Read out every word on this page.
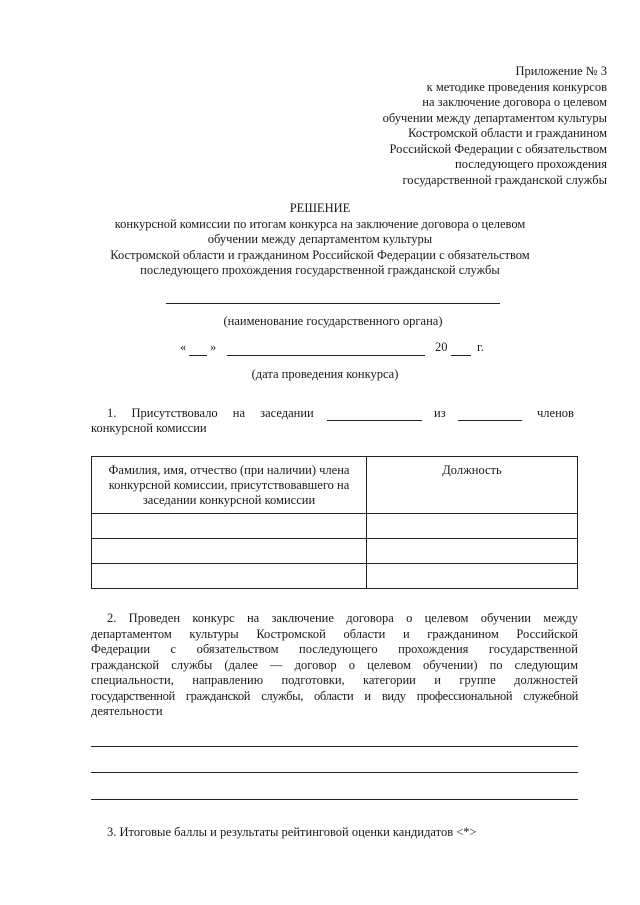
Приложение № 3
к методике проведения конкурсов
на заключение договора о целевом
обучении между департаментом культуры
Костромской области и гражданином
Российской Федерации с обязательством
последующего прохождения
государственной гражданской службы
РЕШЕНИЕ
конкурсной комиссии по итогам конкурса на заключение договора о целевом
обучении между департаментом культуры
Костромской области и гражданином Российской Федерации с обязательством
последующего прохождения государственной гражданской службы
(наименование государственного органа)
« »	20 г.
(дата проведения конкурса)
1. Присутствовало на заседании	из	членов
конкурсной комиссии
Фамилия, имя, отчество (при наличии) члена конкурсной комиссии, присутствовавшего на заседании конкурсной комиссии	Должность

2. Проведен конкурс на заключение договора о целевом обучении между
департаментом культуры Костромской области и гражданином Российской
Федерации с обязательством последующего прохождения государственной
гражданской службы (далее — договор о целевом обучении) по следующим
специальности, направлению подготовки, категории и группе должностей
государственной гражданской службы, области и виду профессиональной служебной
деятельности
3. Итоговые баллы и результаты рейтинговой оценки кандидатов <*>
